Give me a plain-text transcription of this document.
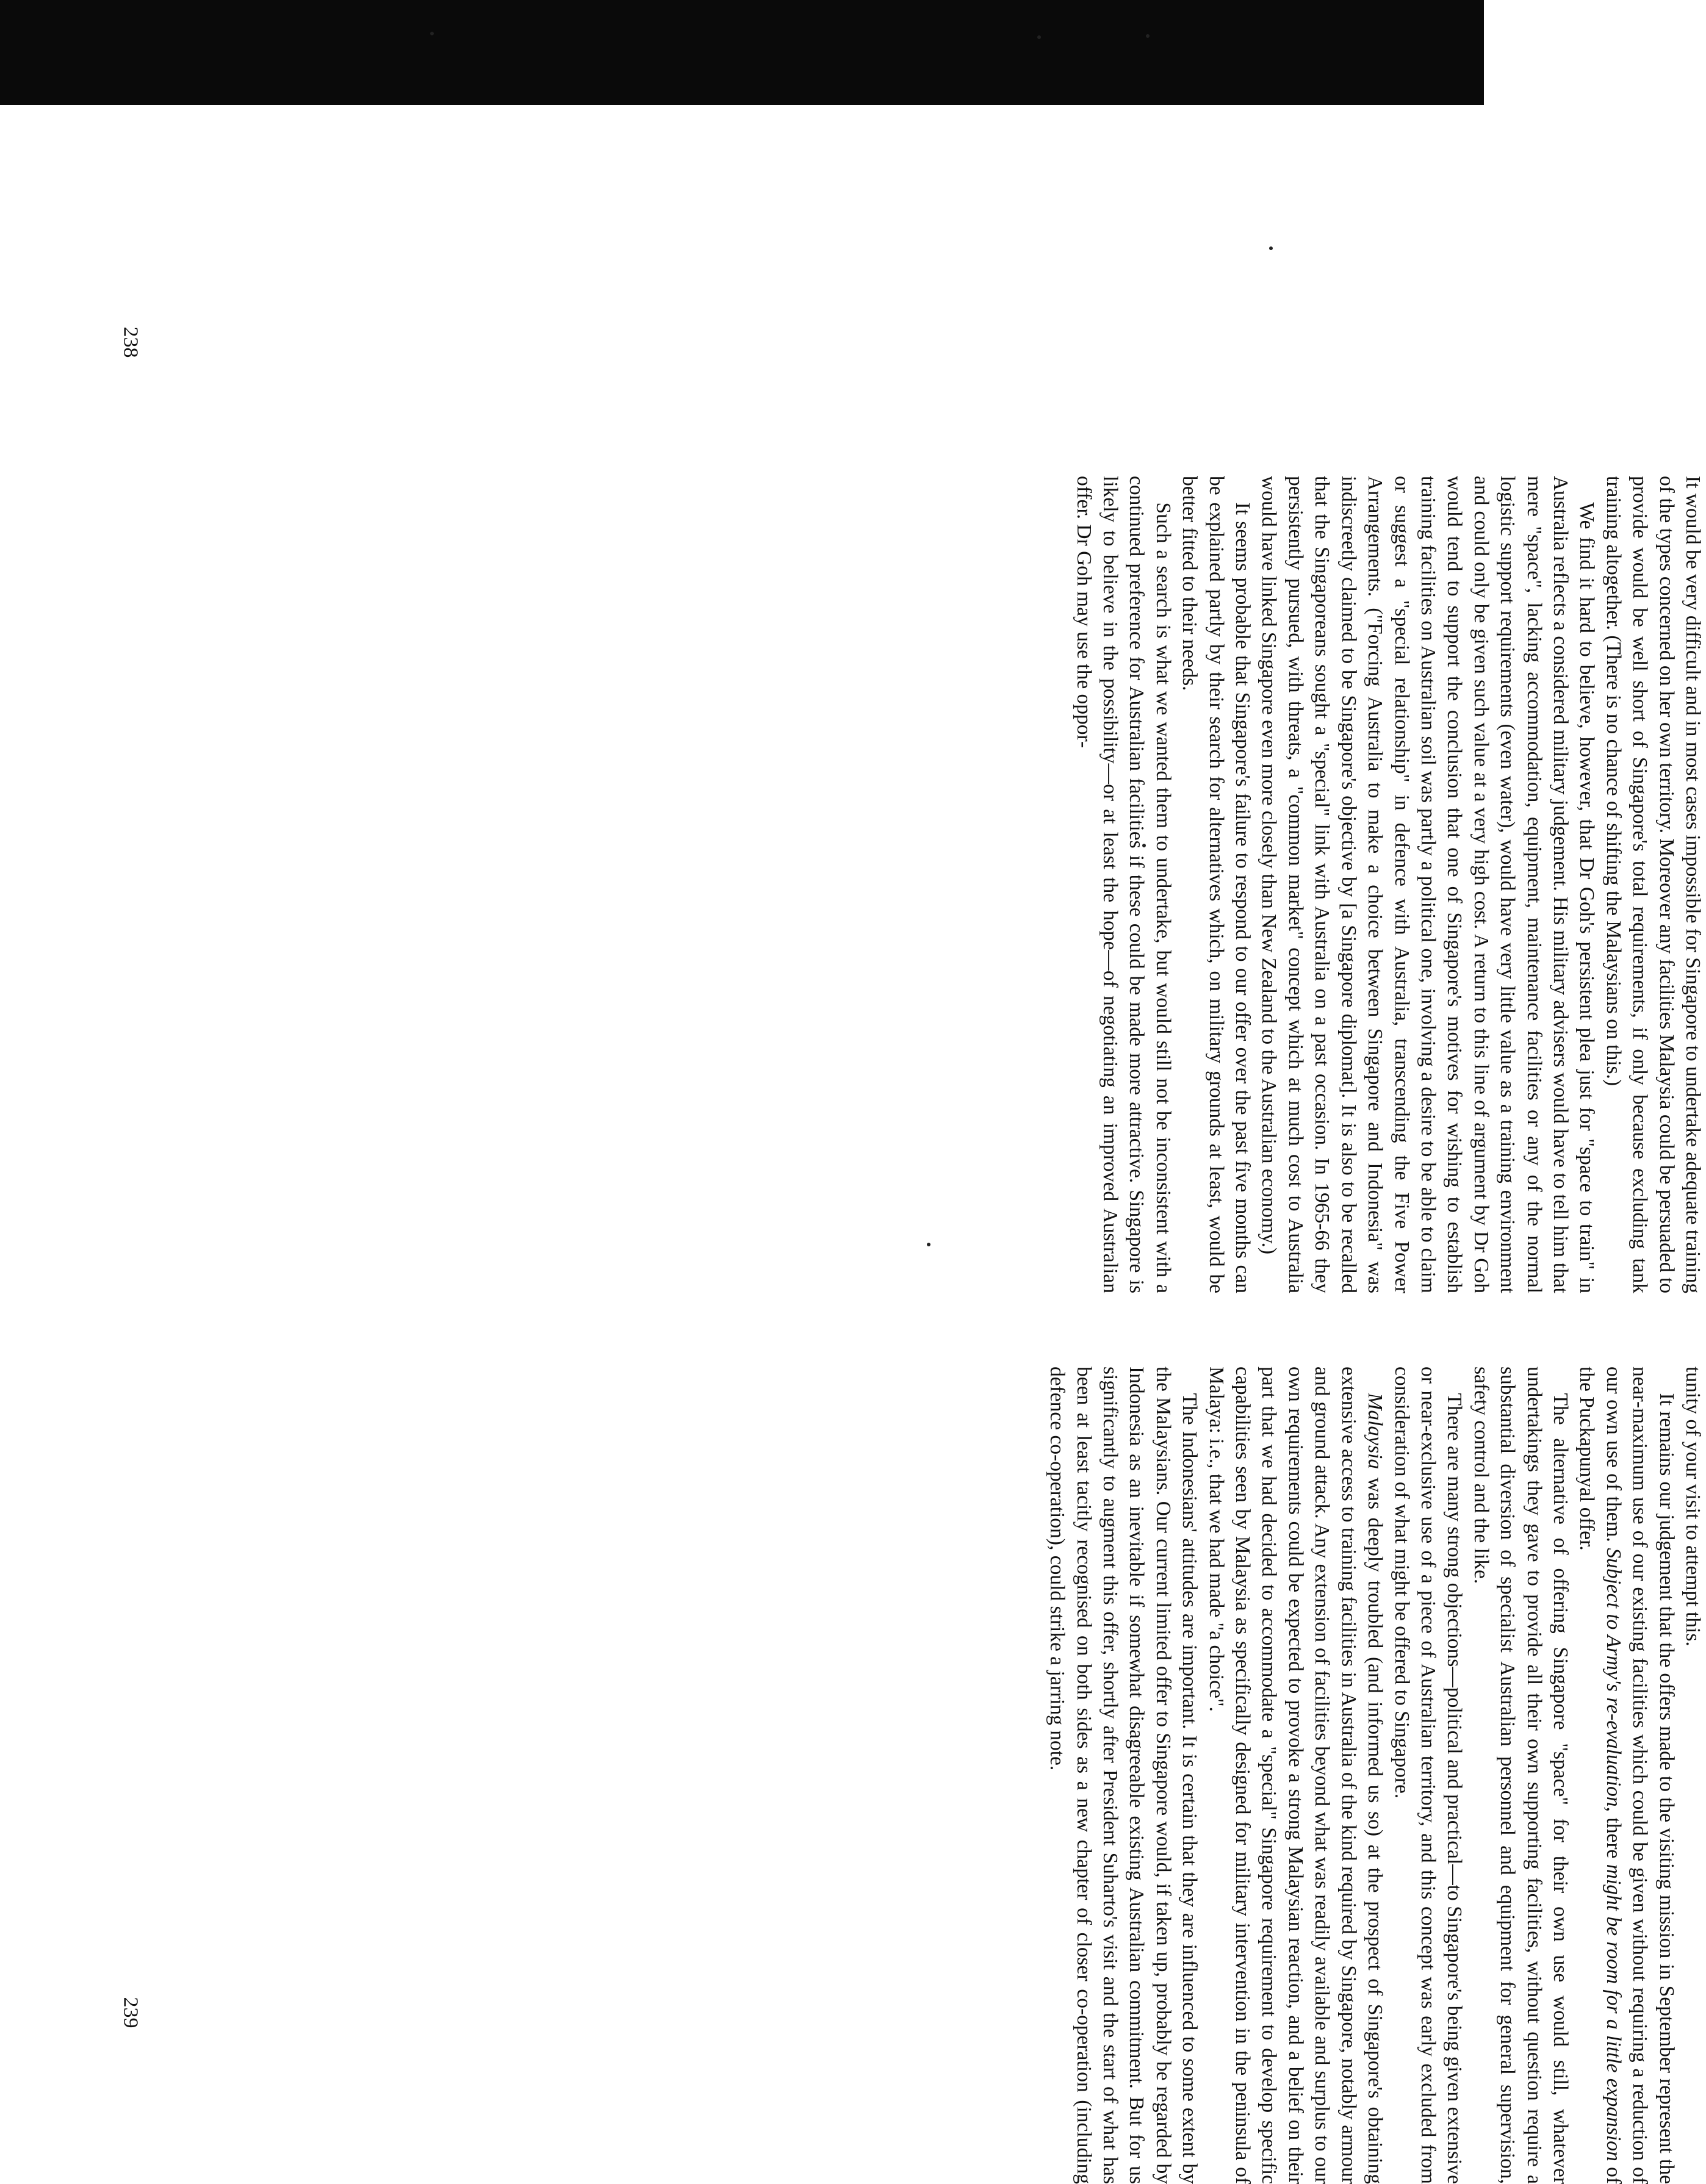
It would be very difficult and in most cases impossible for Singapore to undertake adequate training of the types concerned on her own territory. Moreover any facilities Malaysia could be persuaded to provide would be well short of Singapore's total requirements, if only because excluding tank training altogether. (There is no chance of shifting the Malaysians on this.)

We find it hard to believe, however, that Dr Goh's persistent plea just for "space to train" in Australia reflects a considered military judgement. His military advisers would have to tell him that mere "space", lacking accommodation, equipment, maintenance facilities or any of the normal logistic support requirements (even water), would have very little value as a training environment and could only be given such value at a very high cost. A return to this line of argument by Dr Goh would tend to support the conclusion that one of Singapore's motives for wishing to establish training facilities on Australian soil was partly a political one, involving a desire to be able to claim or suggest a "special relationship" in defence with Australia, transcending the Five Power Arrangements. ("Forcing Australia to make a choice between Singapore and Indonesia" was indiscreetly claimed to be Singapore's objective by [a Singapore diplomat]. It is also to be recalled that the Singaporeans sought a "special" link with Australia on a past occasion. In 1965-66 they persistently pursued, with threats, a "common market" concept which at much cost to Australia would have linked Singapore even more closely than New Zealand to the Australian economy.)

It seems probable that Singapore's failure to respond to our offer over the past five months can be explained partly by their search for alternatives which, on military grounds at least, would be better fitted to their needs.

Such a search is what we wanted them to undertake, but would still not be inconsistent with a continued preference for Australian facilities if these could be made more attractive. Singapore is likely to believe in the possibility—or at least the hope—of negotiating an improved Australian offer. Dr Goh may use the oppor-

tunity of your visit to attempt this.

It remains our judgement that the offers made to the visiting mission in September represent the near-maximum use of our existing facilities which could be given without requiring a reduction of our own use of them. Subject to Army's re-evaluation, there might be room for a little expansion of the Puckapunyal offer.

The alternative of offering Singapore "space" for their own use would still, whatever undertakings they gave to provide all their own supporting facilities, without question require a substantial diversion of specialist Australian personnel and equipment for general supervision, safety control and the like.

There are many strong objections—political and practical—to Singapore's being given extensive or near-exclusive use of a piece of Australian territory, and this concept was early excluded from consideration of what might be offered to Singapore.

Malaysia was deeply troubled (and informed us so) at the prospect of Singapore's obtaining extensive access to training facilities in Australia of the kind required by Singapore, notably armour and ground attack. Any extension of facilities beyond what was readily available and surplus to our own requirements could be expected to provoke a strong Malaysian reaction, and a belief on their part that we had decided to accommodate a "special" Singapore requirement to develop specific capabilities seen by Malaysia as specifically designed for military intervention in the peninsula of Malaya: i.e., that we had made "a choice".

The Indonesians' attitudes are important. It is certain that they are influenced to some extent by the Malaysians. Our current limited offer to Singapore would, if taken up, probably be regarded by Indonesia as an inevitable if somewhat disagreeable existing Australian commitment. But for us significantly to augment this offer, shortly after President Suharto's visit and the start of what has been at least tacitly recognised on both sides as a new chapter of closer co-operation (including defence co-operation), could strike a jarring note.

238
239
